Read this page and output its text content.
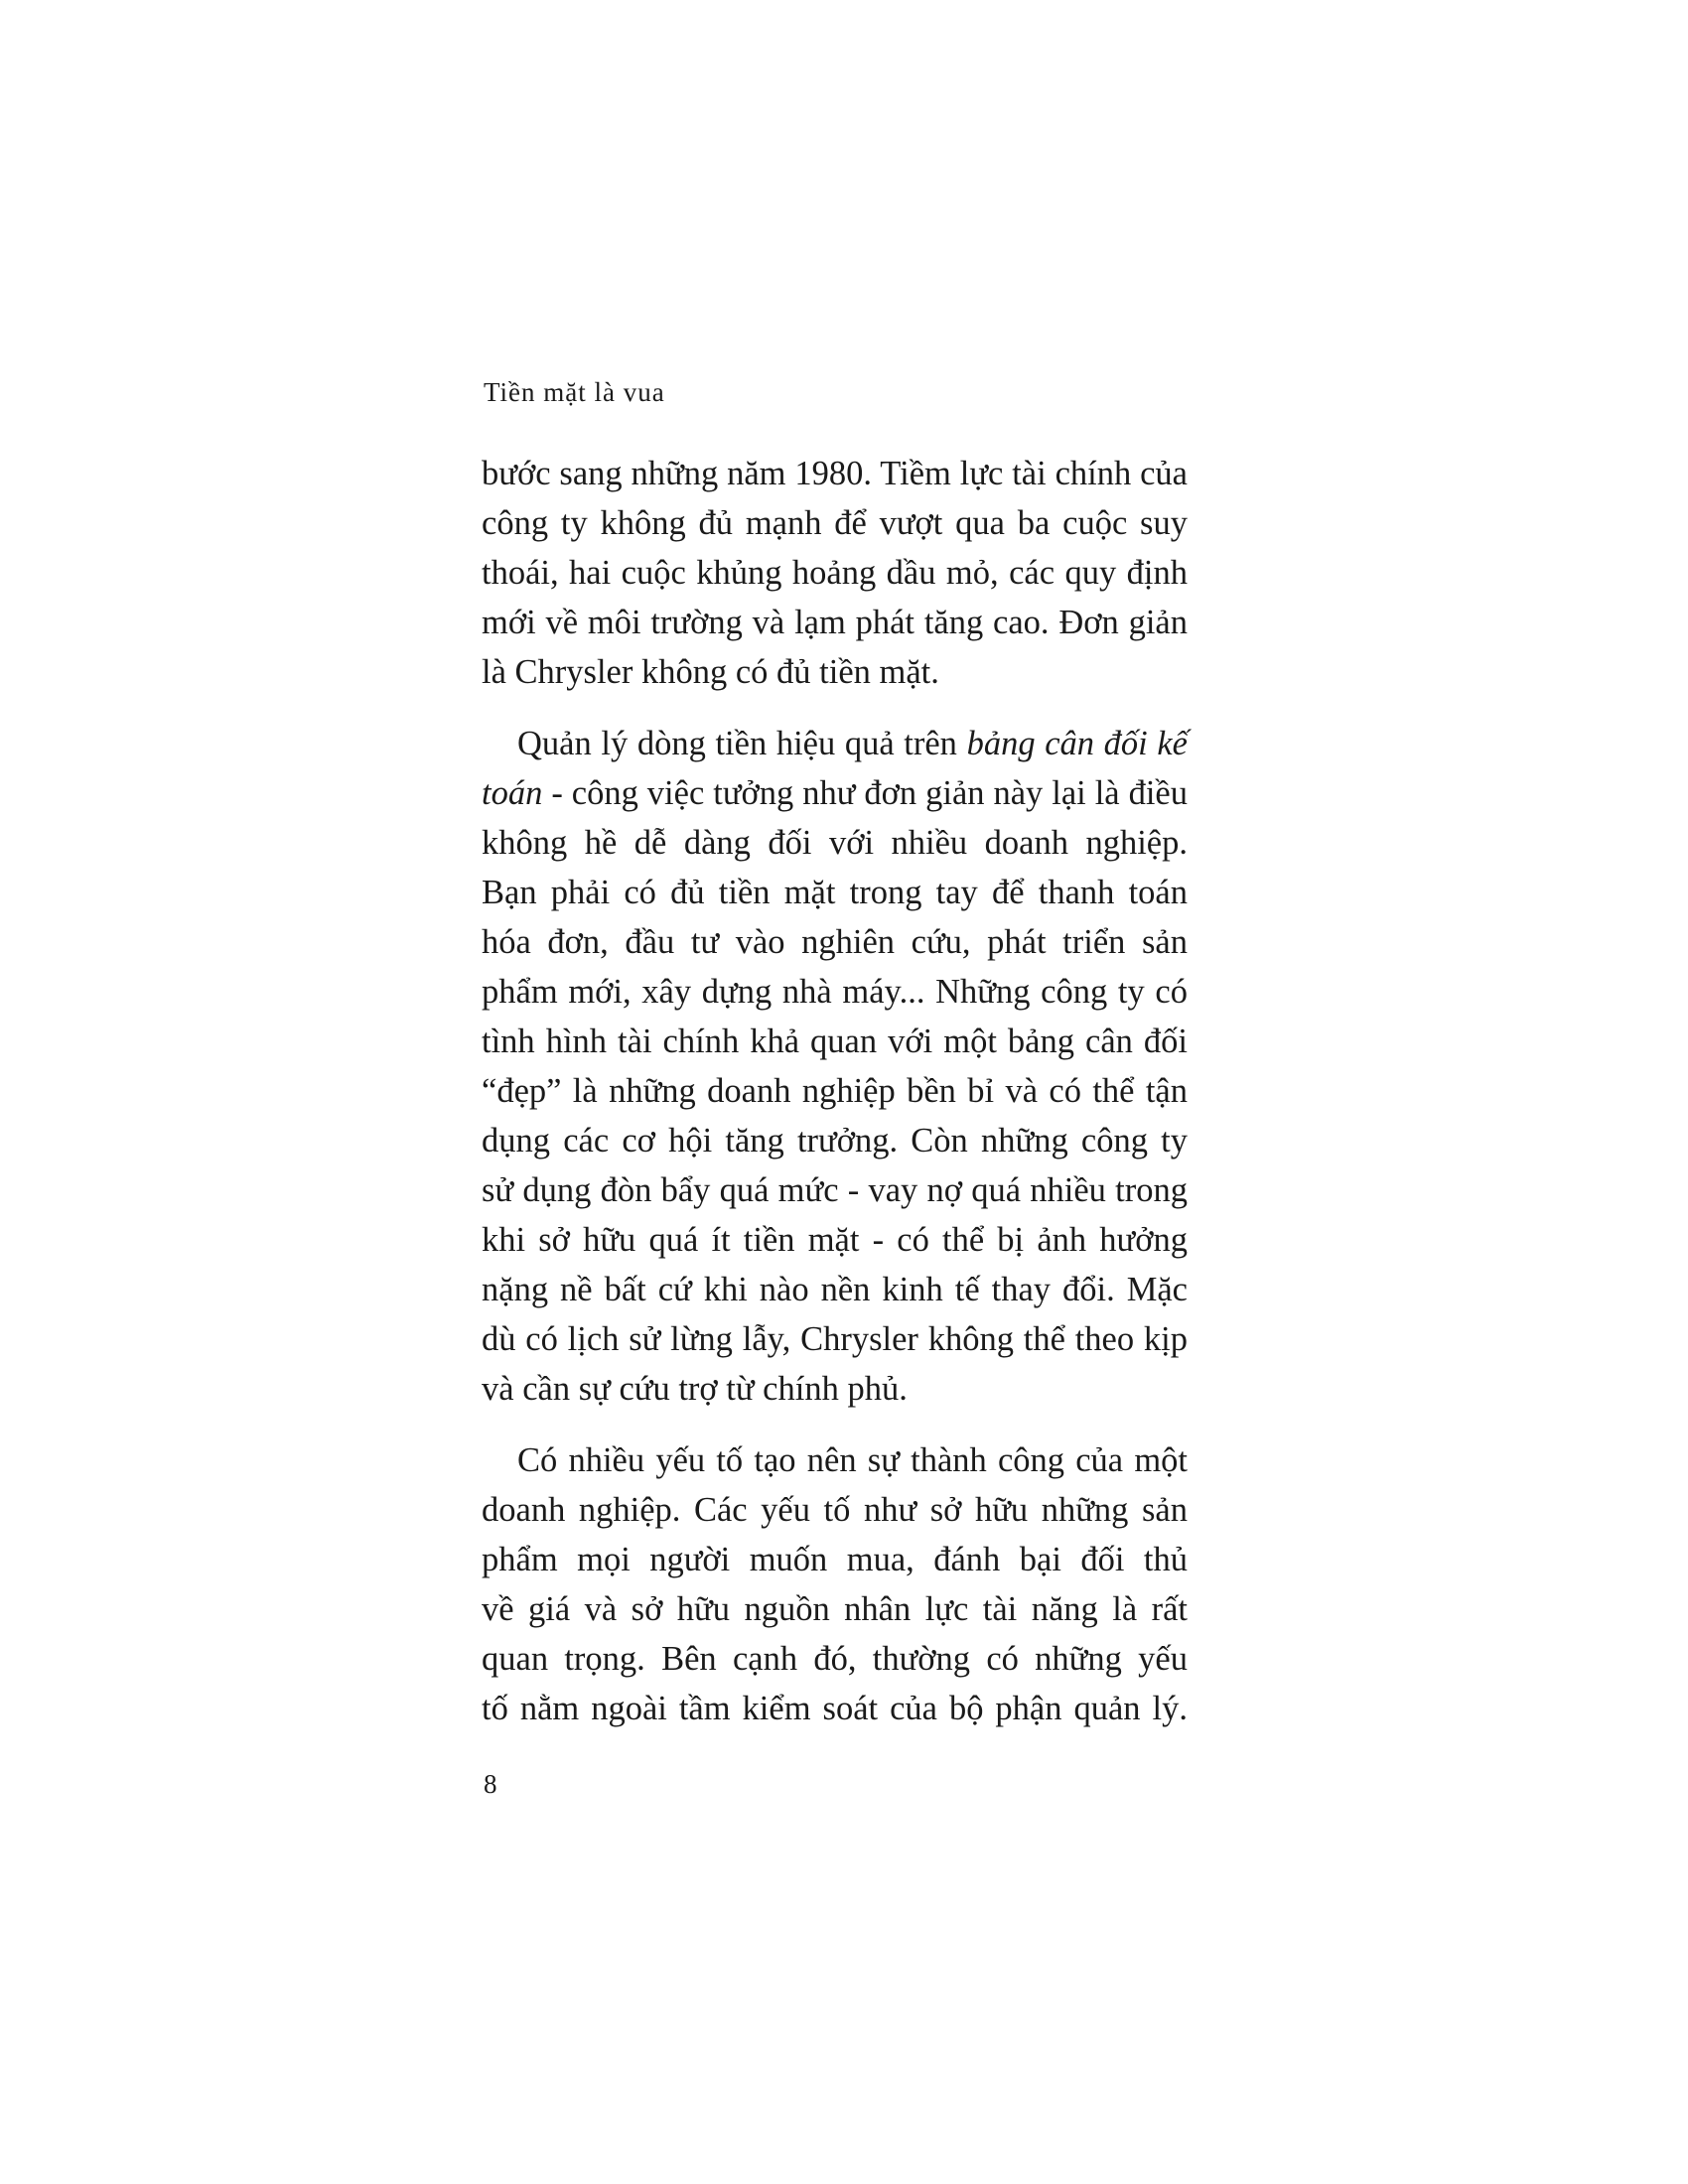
Tiền mặt là vua

bước sang những năm 1980. Tiềm lực tài chính của
công ty không đủ mạnh để vượt qua ba cuộc suy
thoái, hai cuộc khủng hoảng dầu mỏ, các quy định
mới về môi trường và lạm phát tăng cao. Đơn giản
là Chrysler không có đủ tiền mặt.

Quản lý dòng tiền hiệu quả trên bảng cân đối kế
toán - công việc tưởng như đơn giản này lại là điều
không hề dễ dàng đối với nhiều doanh nghiệp.
Bạn phải có đủ tiền mặt trong tay để thanh toán
hóa đơn, đầu tư vào nghiên cứu, phát triển sản
phẩm mới, xây dựng nhà máy... Những công ty có
tình hình tài chính khả quan với một bảng cân đối
“đẹp” là những doanh nghiệp bền bỉ và có thể tận
dụng các cơ hội tăng trưởng. Còn những công ty
sử dụng đòn bẩy quá mức - vay nợ quá nhiều trong
khi sở hữu quá ít tiền mặt - có thể bị ảnh hưởng
nặng nề bất cứ khi nào nền kinh tế thay đổi. Mặc
dù có lịch sử lừng lẫy, Chrysler không thể theo kịp
và cần sự cứu trợ từ chính phủ.

Có nhiều yếu tố tạo nên sự thành công của một
doanh nghiệp. Các yếu tố như sở hữu những sản
phẩm mọi người muốn mua, đánh bại đối thủ
về giá và sở hữu nguồn nhân lực tài năng là rất
quan trọng. Bên cạnh đó, thường có những yếu
tố nằm ngoài tầm kiểm soát của bộ phận quản lý.

8
